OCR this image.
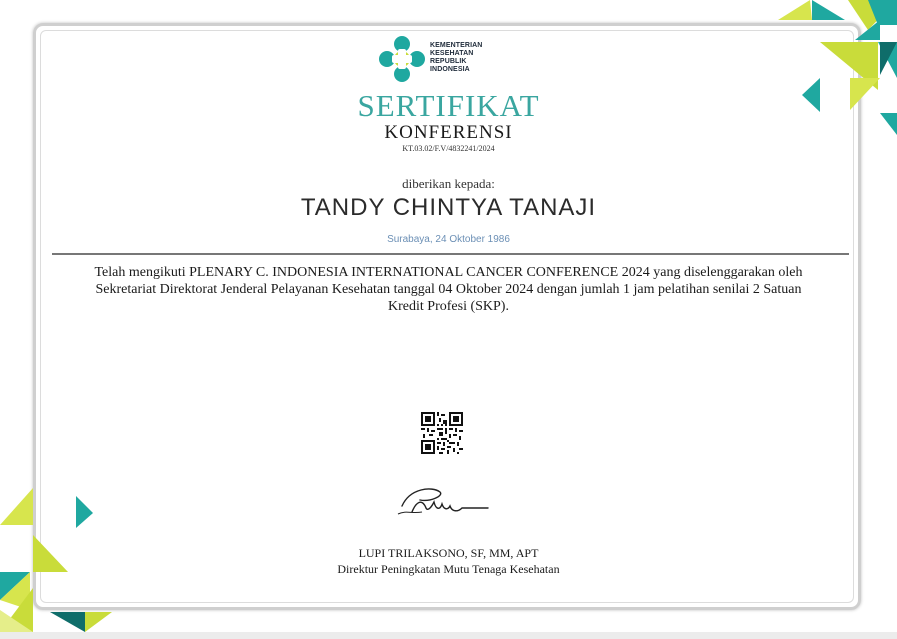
KEMENTERIAN
KESEHATAN
REPUBLIK
INDONESIA
SERTIFIKAT
KONFERENSI
KT.03.02/F.V/4832241/2024
diberikan kepada:
TANDY CHINTYA TANAJI
Surabaya, 24 Oktober 1986
Telah mengikuti PLENARY C. INDONESIA INTERNATIONAL CANCER CONFERENCE 2024 yang diselenggarakan oleh Sekretariat Direktorat Jenderal Pelayanan Kesehatan tanggal 04 Oktober 2024 dengan jumlah 1 jam pelatihan senilai 2 Satuan Kredit Profesi (SKP).
LUPI TRILAKSONO, SF, MM, APT
Direktur Peningkatan Mutu Tenaga Kesehatan
